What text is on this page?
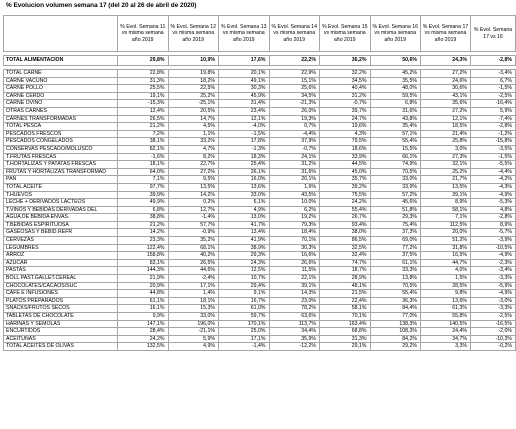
% Evolucion volumen semana 17 (del 20 al 26 de abril de 2020)
	% Evol. Semana 11 vs misma semana año 2019	% Evol. Semana 12 vs misma semana año 2019	% Evol. Semana 13 vs misma semana año 2019	% Evol. Semana 14 vs misma semana año 2019	% Evol. Semana 15 vs misma semana año 2019	% Evol. Semana 16 vs misma semana año 2019	% Evol. Semana 17 vs misma semana año 2019	% Evol. Semana 17 vs 16

TOTAL ALIMENTACION	29,8%	10,9%	17,6%	22,2%	36,2%	50,6%	24,3%	-2,8%

TOTAL CARNE	22,8%	19,8%	20,1%	22,9%	32,2%	45,2%	27,2%	-3,4%
CARNE VACUNO	31,3%	18,2%	49,1%	15,1%	34,5%	35,5%	24,6%	6,7%
CARNE POLLO	25,5%	22,5%	30,3%	25,6%	40,4%	48,0%	30,6%	-1,5%
CARNE CERDO	19,1%	25,2%	45,9%	34,5%	31,2%	59,5%	43,1%	-2,5%
CARNE OVINO	-15,3%	-25,1%	31,4%	-21,3%	-0,7%	6,8%	35,6%	-16,4%
OTRAS CARNES	12,4%	20,5%	23,4%	26,0%	39,7%	31,6%	27,2%	5,9%
CARNES TRANSFORMADAS	26,5%	14,7%	12,1%	19,3%	24,7%	43,8%	12,1%	-7,4%
TOTAL PESCA	21,2%	4,5%	-4,0%	0,7%	19,6%	35,4%	18,5%	-2,8%
PESCADOS FRESCOS	7,2%	1,1%	-1,5%	-4,4%	4,3%	57,1%	21,4%	-1,2%
PESCADOS CONGELADOS	38,1%	33,2%	17,8%	37,9%	79,5%	55,4%	25,8%	-15,8%
CONSERVAS PESCADO/MOLUSCO	82,1%	4,7%	-1,3%	-0,7%	18,6%	15,5%	3,0%	-3,5%
T.FRUTAS FRESCAS	-1,6%	8,2%	18,3%	24,1%	33,9%	66,1%	27,3%	-1,5%
T.HORTALIZAS Y PATATAS FRESCAS	18,1%	22,7%	25,4%	31,2%	44,5%	74,9%	32,1%	-5,5%
FRUTAS Y HORTALIZAS TRANSFORMAD	64,0%	27,2%	26,1%	31,6%	45,0%	70,5%	25,2%	-4,4%
PAN	7,1%	9,5%	16,0%	20,1%	35,7%	33,0%	21,7%	-4,2%
TOTAL ACEITE	97,7%	13,5%	13,6%	1,6%	39,2%	33,9%	13,5%	-4,3%
T.HUEVOS	39,9%	14,2%	33,0%	43,5%	75,5%	57,2%	39,1%	-4,9%
LECHE + DERIVADOS LACTEOS	49,9%	0,2%	6,1%	10,0%	24,2%	45,6%	8,9%	-5,3%
T.VINOS Y BEBIDAS DERIVADAS DEL	6,8%	12,7%	4,9%	6,2%	55,4%	51,8%	58,1%	4,8%
AGUA DE BEBIDA ENVAS.	38,8%	-1,4%	13,0%	19,2%	26,7%	29,3%	7,1%	-2,8%
T.BEBIDAS ESPIRITUOSA	21,2%	57,7%	41,7%	79,3%	93,4%	75,4%	112,5%	8,9%
GASEOSAS Y BEBID.REFR	14,2%	-0,9%	13,4%	18,4%	38,0%	37,3%	20,0%	-5,7%
CERVEZAS	23,3%	35,2%	41,9%	70,1%	86,5%	69,0%	51,2%	-3,9%
LEGUMBRES	122,4%	68,1%	38,9%	30,3%	32,5%	77,2%	31,8%	-10,5%
ARROZ	158,8%	40,2%	29,3%	16,6%	32,4%	37,5%	16,5%	-4,9%
AZUCAR	83,1%	26,5%	24,3%	26,6%	74,7%	61,1%	44,7%	-2,3%
PASTAS	144,3%	44,6%	12,5%	11,5%	18,7%	33,3%	4,0%	-3,4%
BOLL.PAST.GALLET.CEREAL	21,9%	-2,4%	10,7%	22,1%	28,9%	13,8%	1,5%	-3,3%
CHOCOLATES/CACAOS/SUC	20,9%	17,1%	29,4%	39,1%	48,1%	70,5%	28,5%	-5,9%
CAFE E INFUSIONES	44,8%	1,4%	9,1%	14,3%	21,5%	55,4%	9,8%	-4,9%
PLATOS PREPARADOS	61,1%	18,1%	16,7%	23,0%	22,4%	36,3%	13,6%	-3,0%
SNACKS/FRUTOS SECOS	16,1%	15,3%	61,0%	78,2%	58,1%	84,4%	61,3%	-3,3%
TABLETAS DE CHOCOLATE	9,9%	33,0%	59,7%	63,6%	70,1%	77,0%	55,8%	-2,5%
HARINAS Y SEMOLAS	147,1%	196,0%	170,1%	113,7%	163,4%	138,3%	140,5%	-16,5%
ENCURTIDOS	28,4%	-21,1%	25,0%	34,4%	68,8%	108,3%	24,4%	-2,0%
ACEITUNAS	24,2%	5,9%	17,1%	35,9%	31,3%	84,2%	34,7%	-10,3%
TOTAL ACEITES DE OLIVAS	132,5%	4,9%	-1,4%	-12,2%	29,1%	29,2%	3,3%	-0,2%
